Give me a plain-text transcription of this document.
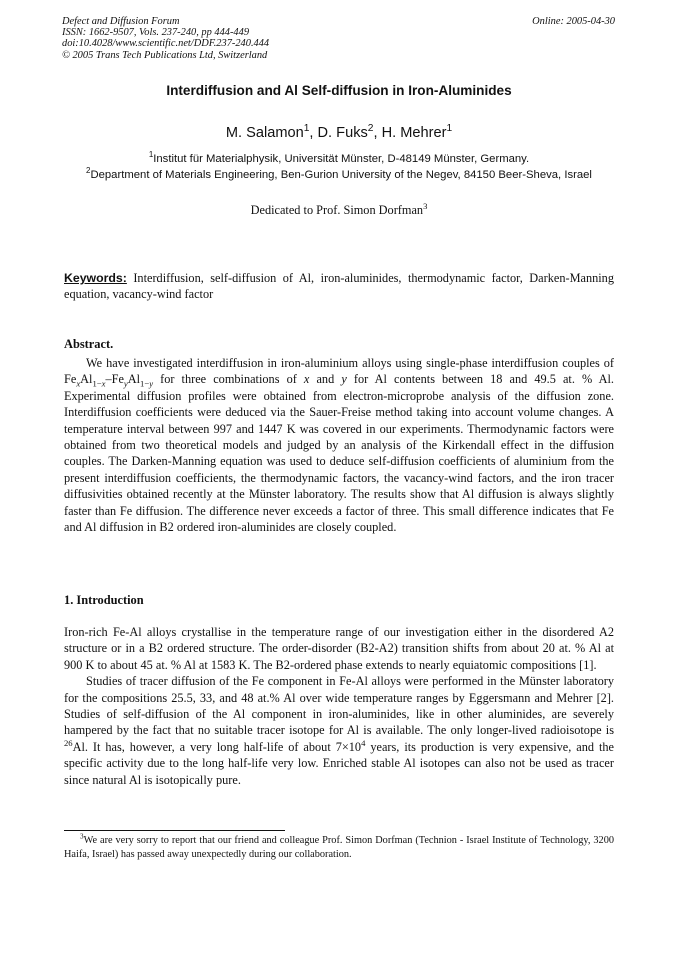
Defect and Diffusion Forum
ISSN: 1662-9507, Vols. 237-240, pp 444-449
doi:10.4028/www.scientific.net/DDF.237-240.444
© 2005 Trans Tech Publications Ltd, Switzerland
Online: 2005-04-30
Interdiffusion and Al Self-diffusion in Iron-Aluminides
M. Salamon$^1$, D. Fuks$^2$, H. Mehrer$^1$
$^1$Institut für Materialphysik, Universität Münster, D-48149 Münster, Germany.
$^2$Department of Materials Engineering, Ben-Gurion University of the Negev, 84150 Beer-Sheva, Israel
Dedicated to Prof. Simon Dorfman$^3$
Keywords: Interdiffusion, self-diffusion of Al, iron-aluminides, thermodynamic factor, Darken-Manning equation, vacancy-wind factor
Abstract.
We have investigated interdiffusion in iron-aluminium alloys using single-phase interdiffusion couples of $Fe_xAl_{1-x}-Fe_yAl_{1-y}$ for three combinations of x and y for Al contents between 18 and 49.5 at. % Al. Experimental diffusion profiles were obtained from electron-microprobe analysis of the diffusion zone. Interdiffusion coefficients were deduced via the Sauer-Freise method taking into account volume changes. A temperature interval between 997 and 1447 K was covered in our experiments. Thermodynamic factors were obtained from two theoretical models and judged by an analysis of the Kirkendall effect in the diffusion couples. The Darken-Manning equation was used to deduce self-diffusion coefficients of aluminium from the present interdiffusion coefficients, the thermodynamic factors, the vacancy-wind factors, and the iron tracer diffusivities obtained recently at the Münster laboratory. The results show that Al diffusion is always slightly faster than Fe diffusion. The difference never exceeds a factor of three. This small difference indicates that Fe and Al diffusion in B2 ordered iron-aluminides are closely coupled.
1. Introduction

Iron-rich Fe-Al alloys crystallise in the temperature range of our investigation either in the disordered A2 structure or in a B2 ordered structure. The order-disorder (B2-A2) transition shifts from about 20 at. % Al at 900 K to about 45 at. % Al at 1583 K. The B2-ordered phase extends to nearly equiatomic compositions [1].

Studies of tracer diffusion of the Fe component in Fe-Al alloys were performed in the Münster laboratory for the compositions 25.5, 33, and 48 at.% Al over wide temperature ranges by Eggersmann and Mehrer [2]. Studies of self-diffusion of the Al component in iron-aluminides, like in other aluminides, are severely hampered by the fact that no suitable tracer isotope for Al is available. The only longer-lived radioisotope is $^{26}$Al. It has, however, a very long half-life of about $7\times 10^4$ years, its production is very expensive, and the specific activity due to the long half-life very low. Enriched stable Al isotopes can also not be used as tracer since natural Al is isotopically pure.

$^3$We are very sorry to report that our friend and colleague Prof. Simon Dorfman (Technion - Israel Institute of Technology, 3200 Haifa, Israel) has passed away unexpectedly during our collaboration.
